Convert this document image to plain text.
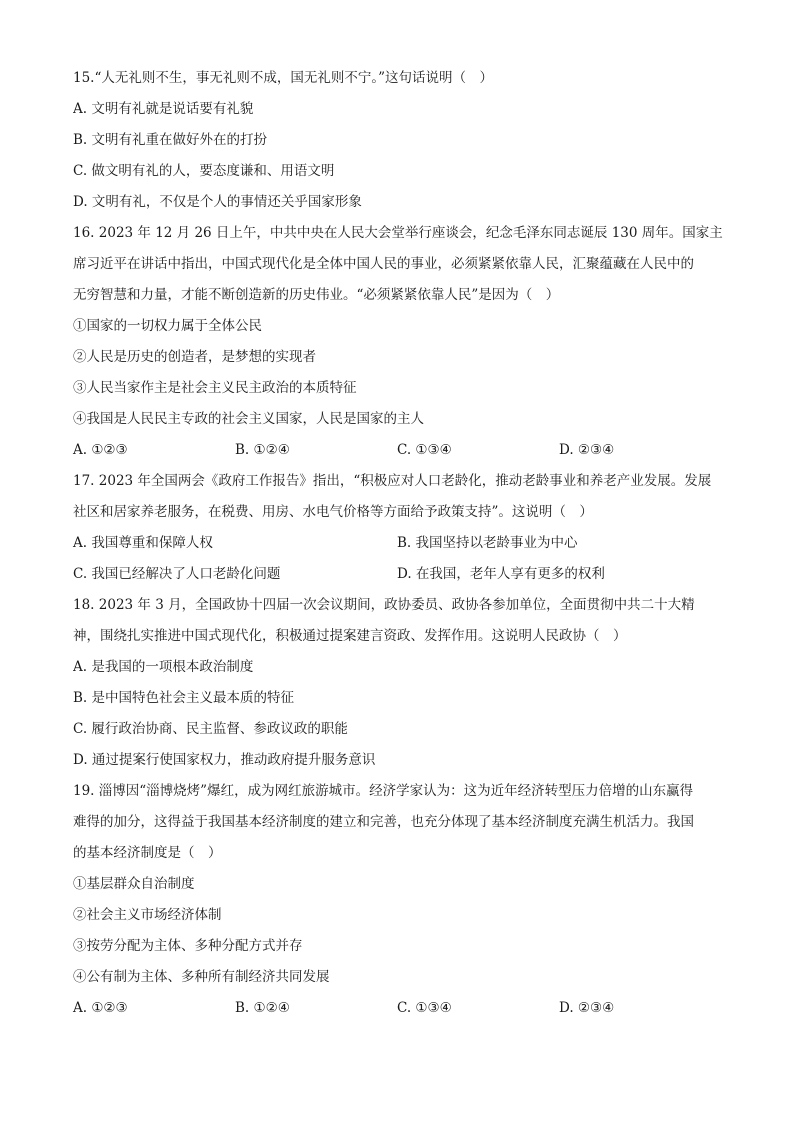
15.“人无礼则不生，事无礼则不成，国无礼则不宁。”这句话说明（　）
A. 文明有礼就是说话要有礼貌
B. 文明有礼重在做好外在的打扮
C. 做文明有礼的人，要态度谦和、用语文明
D. 文明有礼，不仅是个人的事情还关乎国家形象
16. 2023 年 12 月 26 日上午，中共中央在人民大会堂举行座谈会，纪念毛泽东同志诞辰 130 周年。国家主
席习近平在讲话中指出，中国式现代化是全体中国人民的事业，必须紧紧依靠人民，汇聚蕴藏在人民中的
无穷智慧和力量，才能不断创造新的历史伟业。“必须紧紧依靠人民”是因为（　）
①国家的一切权力属于全体公民
②人民是历史的创造者，是梦想的实现者
③人民当家作主是社会主义民主政治的本质特征
④我国是人民民主专政的社会主义国家，人民是国家的主人
A. ①②③	B. ①②④	C. ①③④	D. ②③④
17. 2023 年全国两会《政府工作报告》指出，“积极应对人口老龄化，推动老龄事业和养老产业发展。发展
社区和居家养老服务，在税费、用房、水电气价格等方面给予政策支持”。这说明（　）
A. 我国尊重和保障人权	B. 我国坚持以老龄事业为中心
C. 我国已经解决了人口老龄化问题	D. 在我国，老年人享有更多的权利
18. 2023 年 3 月，全国政协十四届一次会议期间，政协委员、政协各参加单位，全面贯彻中共二十大精
神，围绕扎实推进中国式现代化，积极通过提案建言资政、发挥作用。这说明人民政协（　）
A. 是我国的一项根本政治制度
B. 是中国特色社会主义最本质的特征
C. 履行政治协商、民主监督、参政议政的职能
D. 通过提案行使国家权力，推动政府提升服务意识
19. 淄博因“淄博烧烤”爆红，成为网红旅游城市。经济学家认为：这为近年经济转型压力倍增的山东赢得
难得的加分，这得益于我国基本经济制度的建立和完善，也充分体现了基本经济制度充满生机活力。我国
的基本经济制度是（　）
①基层群众自治制度
②社会主义市场经济体制
③按劳分配为主体、多种分配方式并存
④公有制为主体、多种所有制经济共同发展
A. ①②③	B. ①②④	C. ①③④	D. ②③④
